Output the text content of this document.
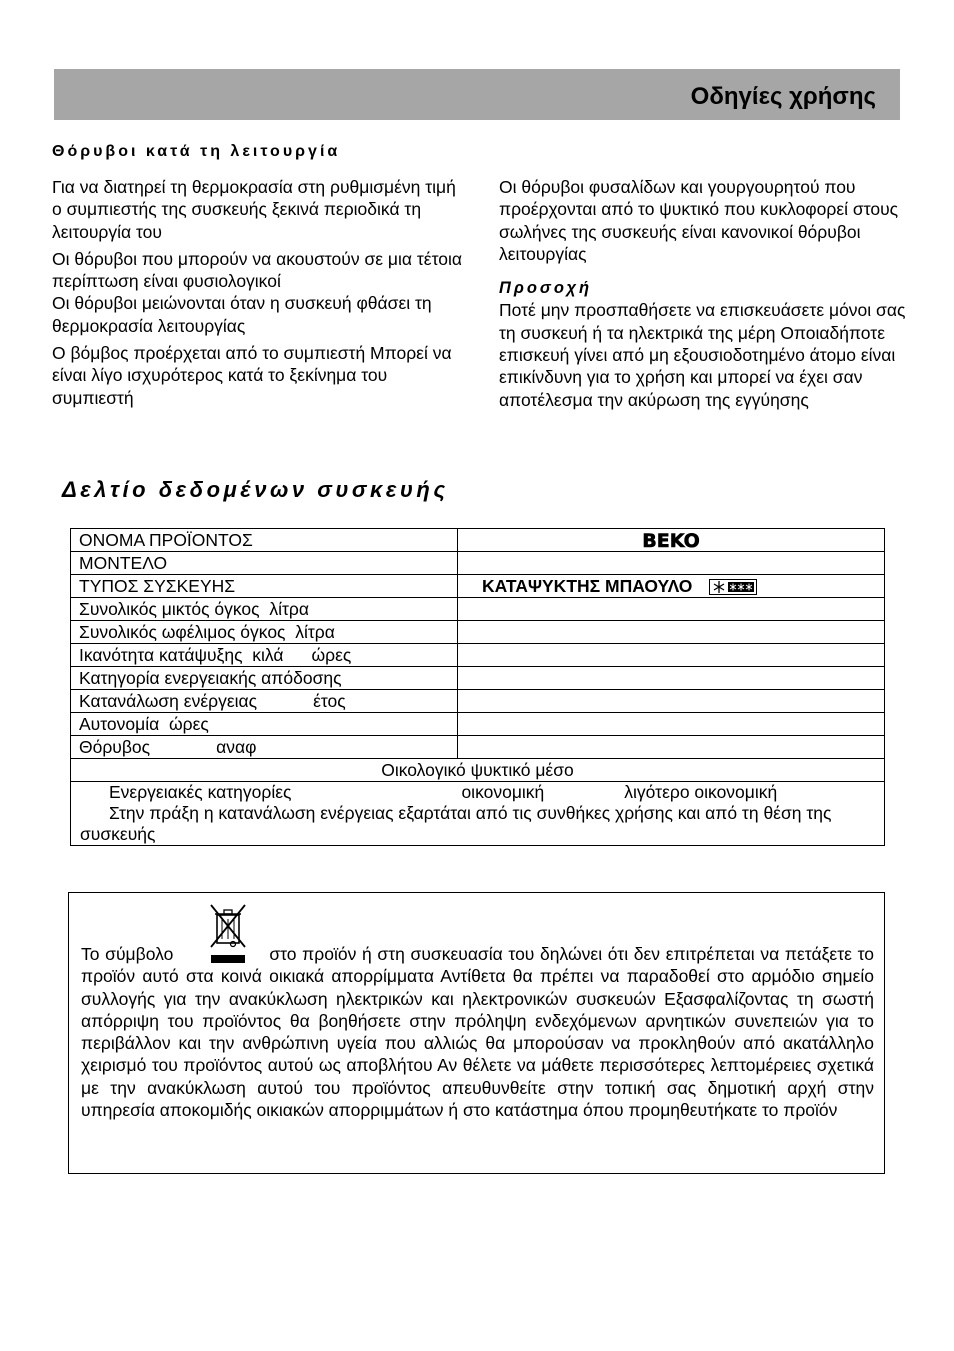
Οδηγίες χρήσης
Θόρυβοι κατά τη λειτουργία

Για να διατηρεί τη θερμοκρασία στη ρυθμισμένη τιμή ο συμπιεστής της συσκευής ξεκινά περιοδικά τη λειτουργία του

Οι θόρυβοι που μπορούν να ακουστούν σε μια τέτοια περίπτωση είναι φυσιολογικοί

Οι θόρυβοι μειώνονται όταν η συσκευή φθάσει τη θερμοκρασία λειτουργίας

Ο βόμβος προέρχεται από το συμπιεστή Μπορεί να είναι λίγο ισχυρότερος κατά το ξεκίνημα του συμπιεστή

Οι θόρυβοι φυσαλίδων και γουργουρητού που προέρχονται από το ψυκτικό που κυκλοφορεί στους σωλήνες της συσκευής είναι κανονικοί θόρυβοι λειτουργίας

Προσοχή

Ποτέ μην προσπαθήσετε να επισκευάσετε μόνοι σας τη συσκευή ή τα ηλεκτρικά της μέρη Οποιαδήποτε επισκευή γίνει από μη εξουσιοδοτημένο άτομο είναι επικίνδυνη για το χρήση και μπορεί να έχει σαν αποτέλεσμα την ακύρωση της εγγύησης

Δελτίο δεδομένων συσκευής
ΟΝΟΜΑ ΠΡΟΪΟΝΤΟΣ	BEKO

ΜΟΝΤΕΛΟ	
ΤΥΠΟΣ ΣΥΣΚΕΥΗΣ	ΚΑΤΑΨΥΚΤΗΣ ΜΠΑΟΥΛΟ
Συνολικός μικτός όγκος λίτρα	
Συνολικός ωφέλιμος όγκος λίτρα	
Ικανότητα κατάψυξης κιλά ώρες	
Κατηγορία ενεργειακής απόδοσης	
Κατανάλωση ενέργειας έτος	
Αυτονομία ώρες	
Θόρυβος αναφ	
Οικολογικό ψυκτικό μέσο	

Ενεργειακές κατηγορίες οικονομική λιγότερο οικονομική
Στην πράξη η κατανάλωση ενέργειας εξαρτάται από τις συνθήκες χρήσης και από τη θέση της συσκευής	

Το σύμβολο	στο προϊόν ή στη συσκευασία του δηλώνει ότι δεν επιτρέπεται να πετάξετε το προϊόν αυτό στα κοινά οικιακά απορρίμματα Αντίθετα θα πρέπει να παραδοθεί στο αρμόδιο σημείο συλλογής για την ανακύκλωση ηλεκτρικών και ηλεκτρονικών συσκευών Εξασφαλίζοντας τη σωστή απόρριψη του προϊόντος θα βοηθήσετε στην πρόληψη ενδεχόμενων αρνητικών συνεπειών για το περιβάλλον και την ανθρώπινη υγεία που αλλιώς θα μπορούσαν να προκληθούν από ακατάλληλο χειρισμό του προϊόντος αυτού ως αποβλήτου Αν θέλετε να μάθετε περισσότερες λεπτομέρειες σχετικά με την ανακύκλωση αυτού του προϊόντος απευθυνθείτε στην τοπική σας δημοτική αρχή στην υπηρεσία αποκομιδής οικιακών απορριμμάτων ή στο κατάστημα όπου προμηθευτήκατε το προϊόν
